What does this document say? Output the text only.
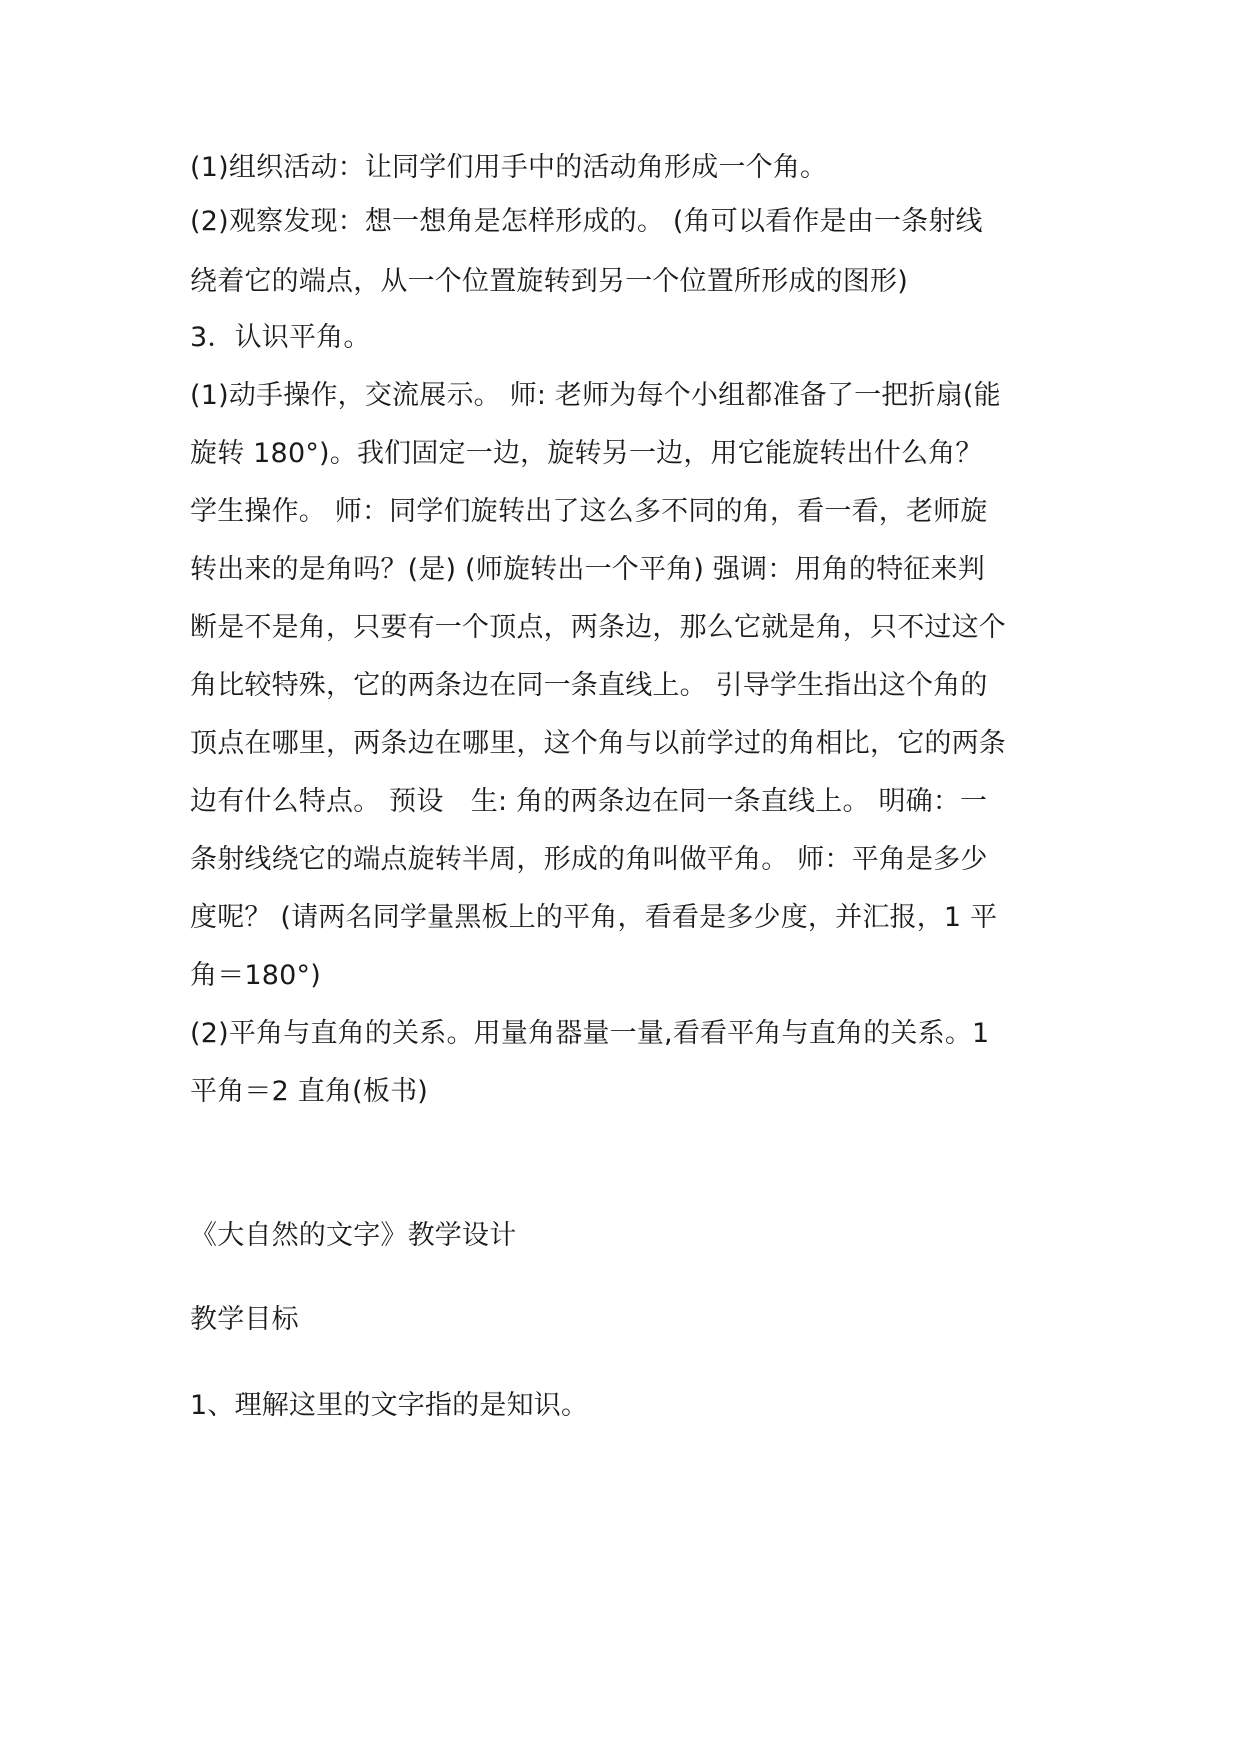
(1)组织活动：让同学们用手中的活动角形成一个角。
(2)观察发现：想一想角是怎样形成的。 (角可以看作是由一条射线
绕着它的端点，从一个位置旋转到另一个位置所形成的图形)
3．认识平角。
(1)动手操作，交流展示。 师: 老师为每个小组都准备了一把折扇(能
旋转 180°)。我们固定一边，旋转另一边，用它能旋转出什么角？
学生操作。 师：同学们旋转出了这么多不同的角，看一看，老师旋
转出来的是角吗？(是) (师旋转出一个平角) 强调：用角的特征来判
断是不是角，只要有一个顶点，两条边，那么它就是角，只不过这个
角比较特殊，它的两条边在同一条直线上。 引导学生指出这个角的
顶点在哪里，两条边在哪里，这个角与以前学过的角相比，它的两条
边有什么特点。 预设　生: 角的两条边在同一条直线上。 明确：一
条射线绕它的端点旋转半周，形成的角叫做平角。 师：平角是多少
度呢？ (请两名同学量黑板上的平角，看看是多少度，并汇报，1 平
角＝180°)
(2)平角与直角的关系。用量角器量一量,看看平角与直角的关系。1
平角＝2 直角(板书)
《大自然的文字》教学设计
教学目标
1、理解这里的文字指的是知识。
